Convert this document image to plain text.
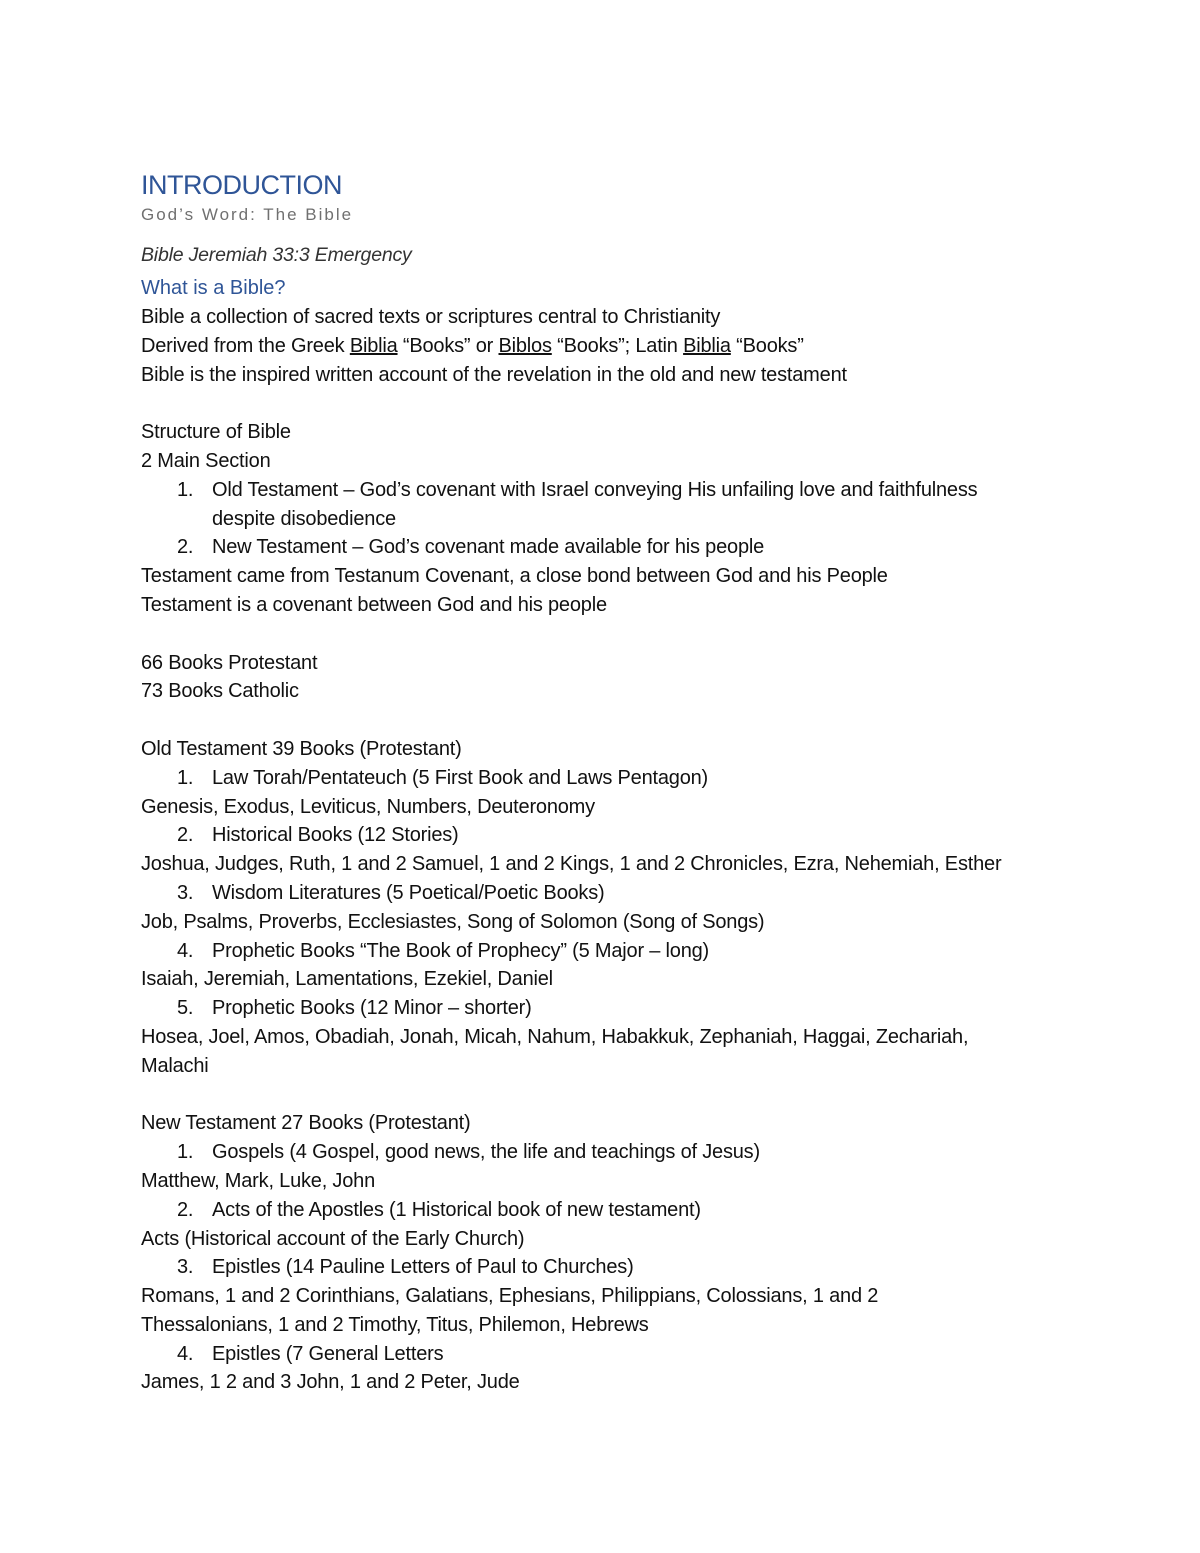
INTRODUCTION
God’s Word: The Bible
Bible Jeremiah 33:3 Emergency
What is a Bible?
Bible a collection of sacred texts or scriptures central to Christianity
Derived from the Greek Biblia “Books” or Biblos “Books”; Latin Biblia “Books”
Bible is the inspired written account of the revelation in the old and new testament
Structure of Bible
2 Main Section
1. Old Testament – God’s covenant with Israel conveying His unfailing love and faithfulness
despite disobedience
2. New Testament – God’s covenant made available for his people
Testament came from Testanum Covenant, a close bond between God and his People
Testament is a covenant between God and his people
66 Books Protestant
73 Books Catholic
Old Testament 39 Books (Protestant)
1. Law Torah/Pentateuch (5 First Book and Laws Pentagon)
Genesis, Exodus, Leviticus, Numbers, Deuteronomy
2. Historical Books (12 Stories)
Joshua, Judges, Ruth, 1 and 2 Samuel, 1 and 2 Kings, 1 and 2 Chronicles, Ezra, Nehemiah, Esther
3. Wisdom Literatures (5 Poetical/Poetic Books)
Job, Psalms, Proverbs, Ecclesiastes, Song of Solomon (Song of Songs)
4. Prophetic Books “The Book of Prophecy” (5 Major – long)
Isaiah, Jeremiah, Lamentations, Ezekiel, Daniel
5. Prophetic Books (12 Minor – shorter)
Hosea, Joel, Amos, Obadiah, Jonah, Micah, Nahum, Habakkuk, Zephaniah, Haggai, Zechariah,
Malachi
New Testament 27 Books (Protestant)
1. Gospels (4 Gospel, good news, the life and teachings of Jesus)
Matthew, Mark, Luke, John
2. Acts of the Apostles (1 Historical book of new testament)
Acts (Historical account of the Early Church)
3. Epistles (14 Pauline Letters of Paul to Churches)
Romans, 1 and 2 Corinthians, Galatians, Ephesians, Philippians, Colossians, 1 and 2
Thessalonians, 1 and 2 Timothy, Titus, Philemon, Hebrews
4. Epistles (7 General Letters
James, 1 2 and 3 John, 1 and 2 Peter, Jude
